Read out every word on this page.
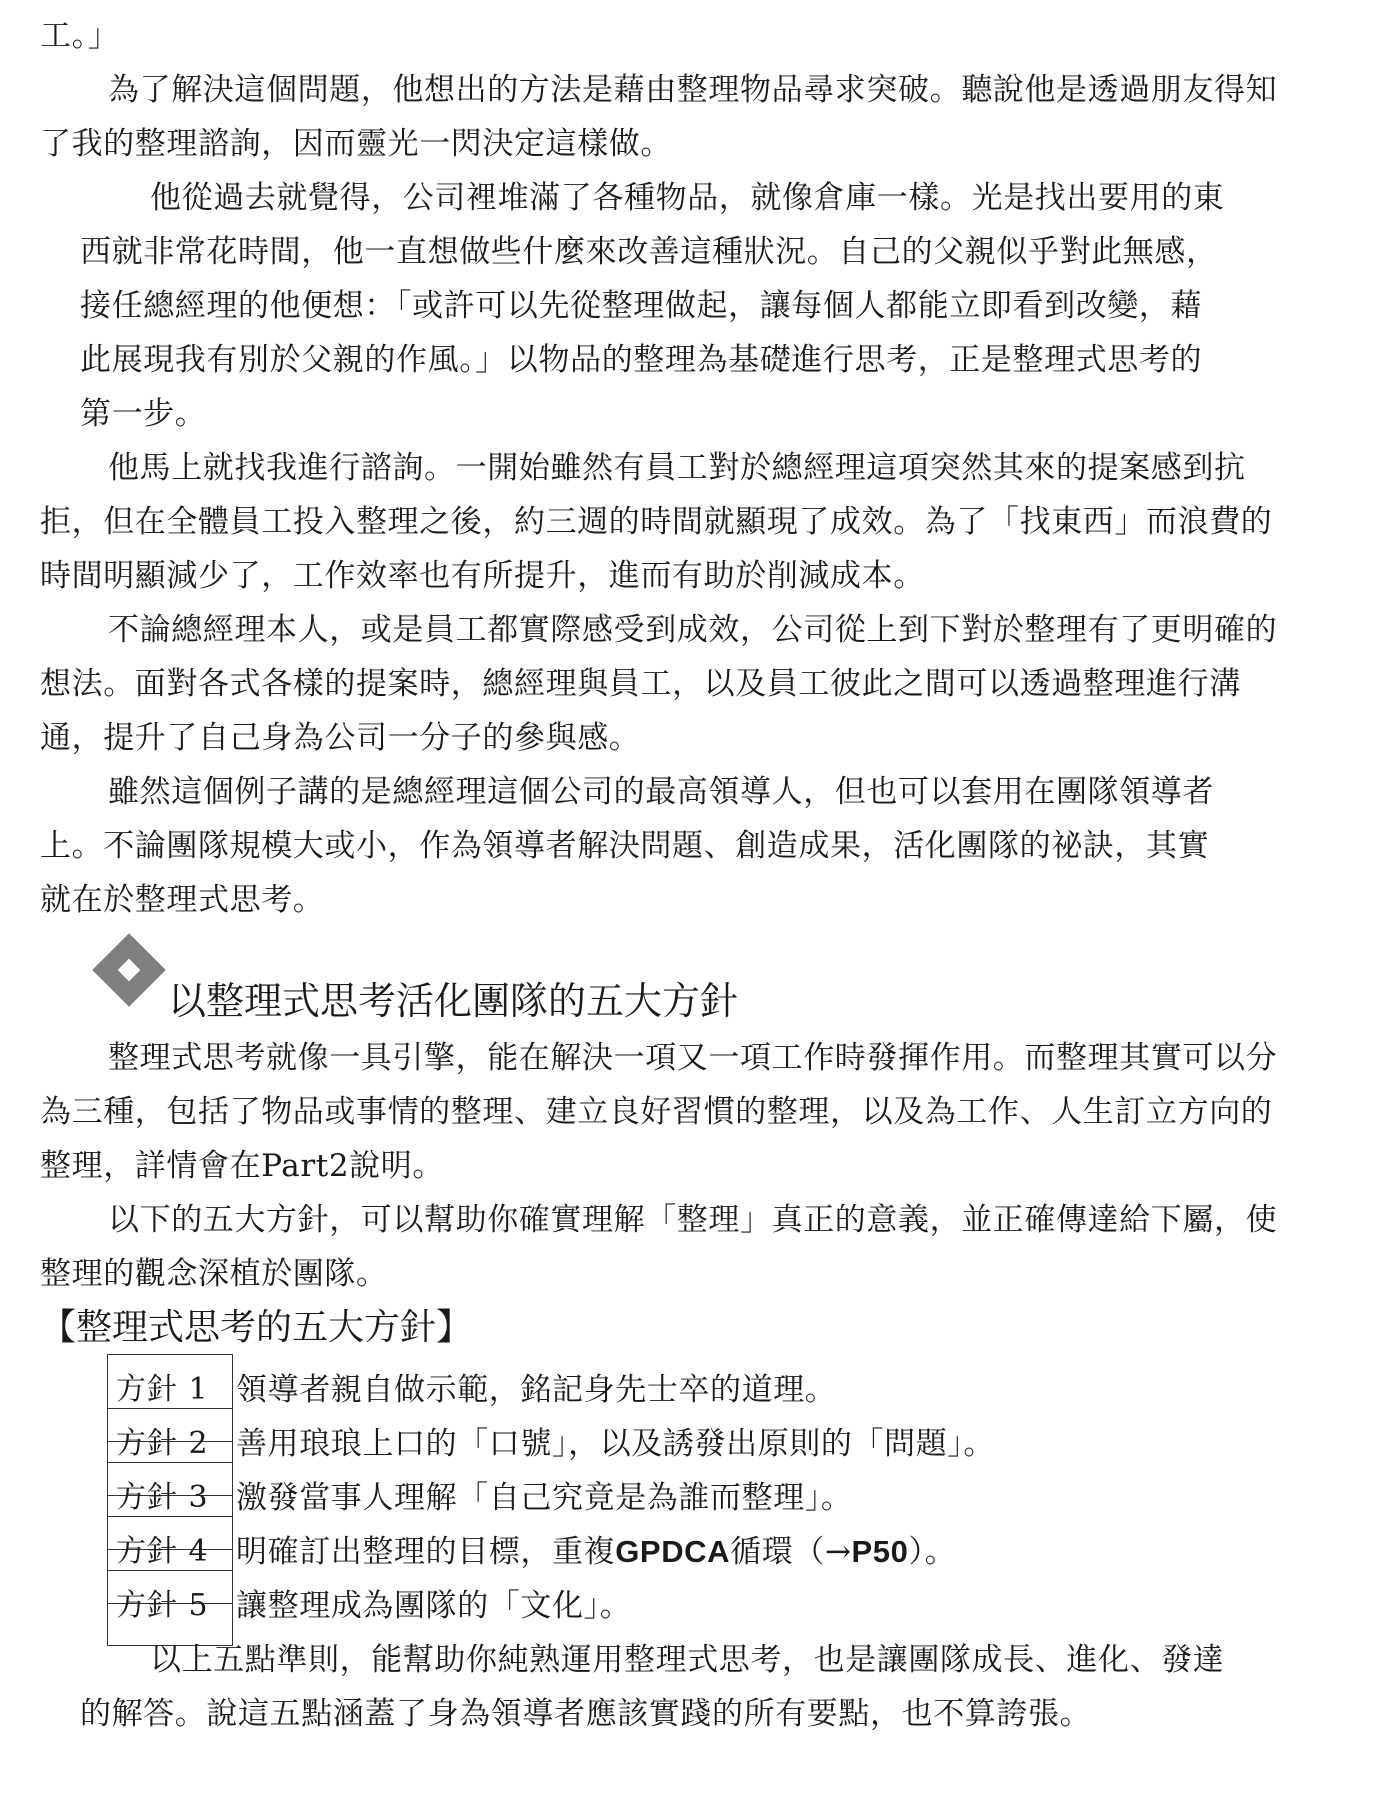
工。」
為了解決這個問題，他想出的方法是藉由整理物品尋求突破。聽說他是透過朋友得知
了我的整理諮詢，因而靈光一閃決定這樣做。
他從過去就覺得，公司裡堆滿了各種物品，就像倉庫一樣。光是找出要用的東
西就非常花時間，他一直想做些什麼來改善這種狀況。自己的父親似乎對此無感，
接任總經理的他便想：「或許可以先從整理做起，讓每個人都能立即看到改變，藉
此展現我有別於父親的作風。」以物品的整理為基礎進行思考，正是整理式思考的
第一步。
他馬上就找我進行諮詢。一開始雖然有員工對於總經理這項突然其來的提案感到抗
拒，但在全體員工投入整理之後，約三週的時間就顯現了成效。為了「找東西」而浪費的
時間明顯減少了，工作效率也有所提升，進而有助於削減成本。
不論總經理本人，或是員工都實際感受到成效，公司從上到下對於整理有了更明確的
想法。面對各式各樣的提案時，總經理與員工，以及員工彼此之間可以透過整理進行溝
通，提升了自己身為公司一分子的參與感。
雖然這個例子講的是總經理這個公司的最高領導人，但也可以套用在團隊領導者
上。不論團隊規模大或小，作為領導者解決問題、創造成果，活化團隊的祕訣，其實
就在於整理式思考。
以整理式思考活化團隊的五大方針
整理式思考就像一具引擎，能在解決一項又一項工作時發揮作用。而整理其實可以分
為三種，包括了物品或事情的整理、建立良好習慣的整理，以及為工作、人生訂立方向的
整理，詳情會在Part2說明。
以下的五大方針，可以幫助你確實理解「整理」真正的意義，並正確傳達給下屬，使
整理的觀念深植於團隊。
【整理式思考的五大方針】
方針 1 領導者親自做示範，銘記身先士卒的道理。
方針 2 善用琅琅上口的「口號」，以及誘發出原則的「問題」。
方針 3 激發當事人理解「自己究竟是為誰而整理」。
方針 4 明確訂出整理的目標，重複GPDCA循環（→P50）。
方針 5 讓整理成為團隊的「文化」。
以上五點準則，能幫助你純熟運用整理式思考，也是讓團隊成長、進化、發達
的解答。說這五點涵蓋了身為領導者應該實踐的所有要點，也不算誇張。
